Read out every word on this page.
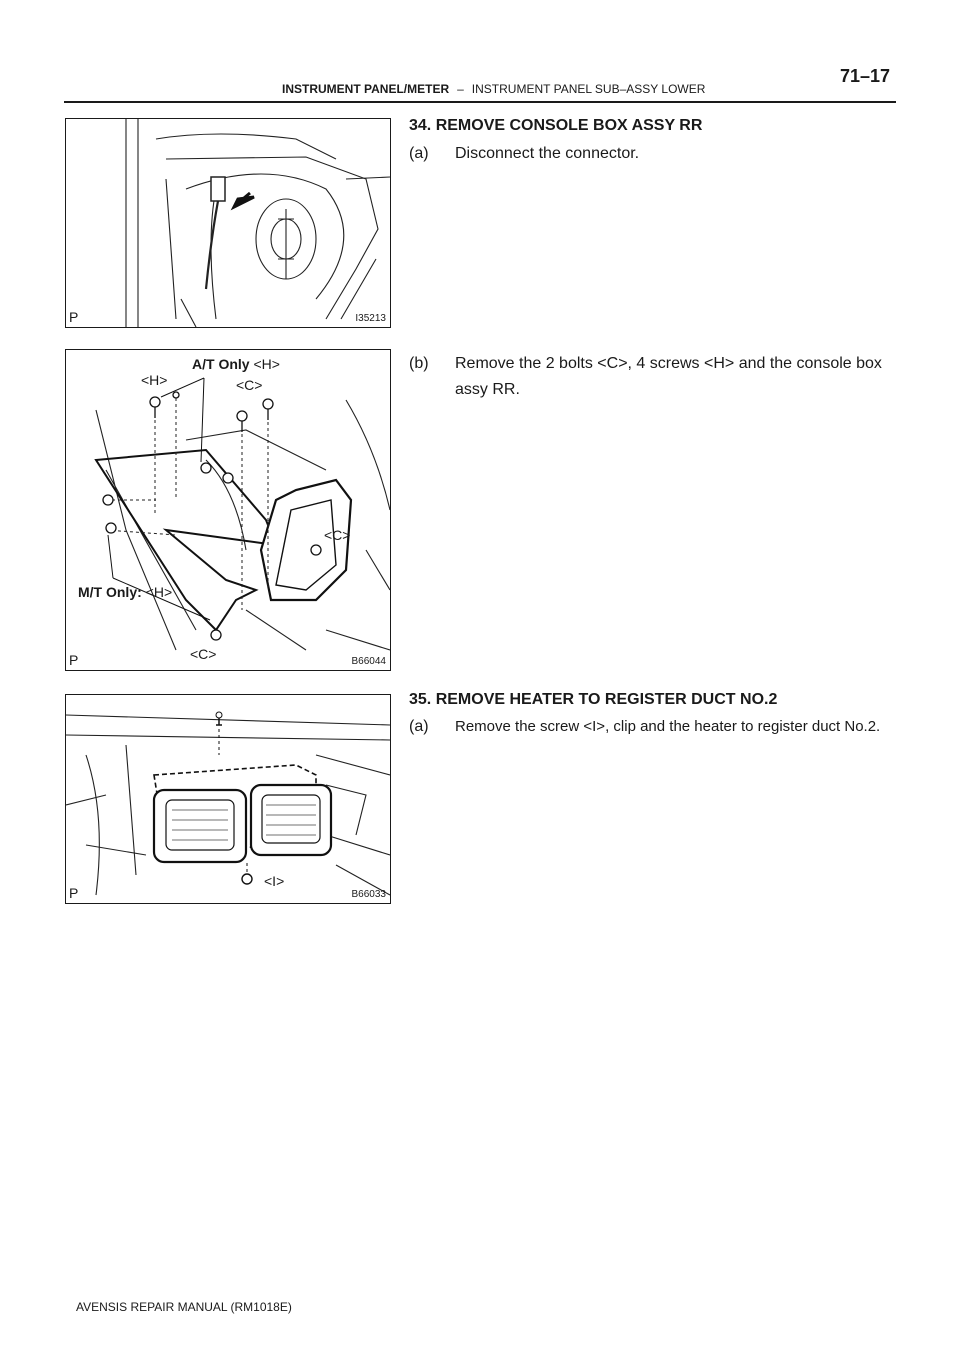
INSTRUMENT PANEL/METER – INSTRUMENT PANEL SUB–ASSY LOWER
71–17
P	I35213
A/T Only <H>
<H>	<C>
<C>
M/T Only: <H>
<C>
P	B66044
<I>
P	B66033
34. REMOVE CONSOLE BOX ASSY RR
(a) Disconnect the connector.
(b) Remove the 2 bolts <C>, 4 screws <H> and the console box assy RR.
35. REMOVE HEATER TO REGISTER DUCT NO.2
(a) Remove the screw <I>, clip and the heater to register duct No.2.
AVENSIS REPAIR MANUAL (RM1018E)
